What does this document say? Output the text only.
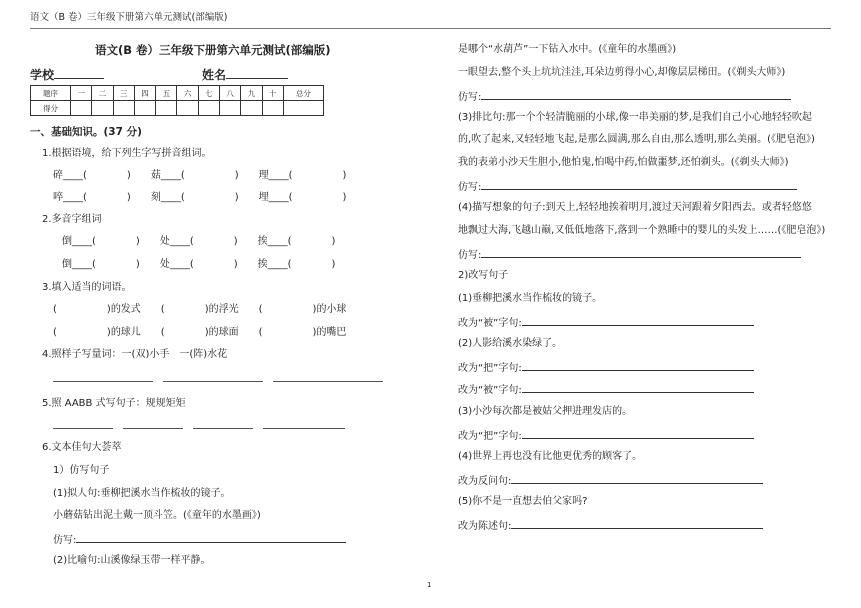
语文（B 卷）三年级下册第六单元测试(部编版)
语文(B 卷）三年级下册第六单元测试(部编版)
学校	姓名
题序	一	二	三	四	五	六	七	八	九	十	总分
得分											
一、基础知识。(37 分)
1.根据语境，给下列生字写拼音组词。
碎____(　　　　)　　菇____(　　　　　)　　理____(　　　　　)
啐____(　　　　)　　刻____(　　　　　)　　埋____(　　　　　)
2.多音字组词
倒____(　　　　)　　处____(　　　　)　　挨____(　　　　)
倒____(　　　　)　　处____(　　　　)　　挨____(　　　　)
3.填入适当的词语。
(　　　　　)的发式　　(　　　　)的浮光　　(　　　　　)的小球
(　　　　　)的球儿　　(　　　　)的球面　　(　　　　　)的嘴巴
4.照样子写量词：一(双)小手　一(阵)水花
5.照 AABB 式写句子：规规矩矩
6.文本佳句大荟萃
1）仿写句子
(1)拟人句:垂柳把溪水当作梳妆的镜子。
小蘑菇钻出泥土戴一顶斗笠。(《童年的水墨画》)
仿写:
(2)比喻句:山溪像绿玉带一样平静。
是哪个“水葫芦”一下钻入水中。(《童年的水墨画》)
一眼望去,整个头上坑坑洼洼,耳朵边剪得小心,却像层层梯田。(《剃头大师》)
仿写:
(3)排比句:那一个个轻清脆丽的小球,像一串美丽的梦,是我们自己小心地轻轻吹起
的,吹了起来,又轻轻地飞起,是那么圆满,那么自由,那么透明,那么美丽。(《肥皂泡》)
我的表弟小沙天生胆小,他怕鬼,怕喝中药,怕做噩梦,还怕剃头。(《剃头大师》)
仿写:
(4)描写想象的句子:到天上,轻轻地挨着明月,渡过天河跟着夕阳西去。或者轻悠悠
地飘过大海,飞越山巅,又低低地落下,落到一个熟睡中的婴儿的头发上……(《肥皂泡》)
仿写:
2)改写句子
(1)垂柳把溪水当作梳妆的镜子。
改为“被”字句:
(2)人影给溪水染绿了。
改为“把”字句:
改为“被”字句:
(3)小沙每次都是被姑父押进理发店的。
改为“把”字句:
(4)世界上再也没有比他更优秀的顾客了。
改为反问句:
(5)你不是一直想去伯父家吗?
改为陈述句:
1
